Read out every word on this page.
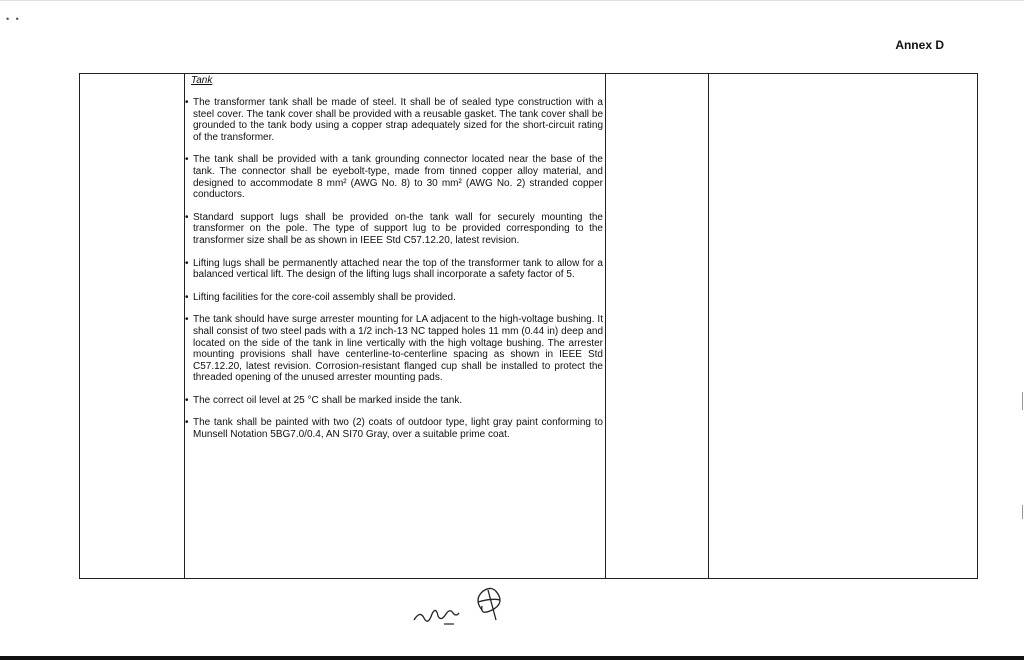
• •
Annex D
Tank
• The transformer tank shall be made of steel. It shall be of sealed type construction with a steel cover. The tank cover shall be provided with a reusable gasket. The tank cover shall be grounded to the tank body using a copper strap adequately sized for the short-circuit rating of the transformer.
• The tank shall be provided with a tank grounding connector located near the base of the tank. The connector shall be eyebolt-type, made from tinned copper alloy material, and designed to accommodate 8 mm² (AWG No. 8) to 30 mm² (AWG No. 2) stranded copper conductors.
• Standard support lugs shall be provided on-the tank wall for securely mounting the transformer on the pole. The type of support lug to be provided corresponding to the transformer size shall be as shown in IEEE Std C57.12.20, latest revision.
• Lifting lugs shall be permanently attached near the top of the transformer tank to allow for a balanced vertical lift. The design of the lifting lugs shall incorporate a safety factor of 5.
• Lifting facilities for the core-coil assembly shall be provided.
• The tank should have surge arrester mounting for LA adjacent to the high-voltage bushing. It shall consist of two steel pads with a 1/2 inch-13 NC tapped holes 11 mm (0.44 in) deep and located on the side of the tank in line vertically with the high voltage bushing. The arrester mounting provisions shall have centerline-to-centerline spacing as shown in IEEE Std C57.12.20, latest revision. Corrosion-resistant flanged cup shall be installed to protect the threaded opening of the unused arrester mounting pads.
• The correct oil level at 25 °C shall be marked inside the tank.
• The tank shall be painted with two (2) coats of outdoor type, light gray paint conforming to Munsell Notation 5BG7.0/0.4, AN SI70 Gray, over a suitable prime coat.
